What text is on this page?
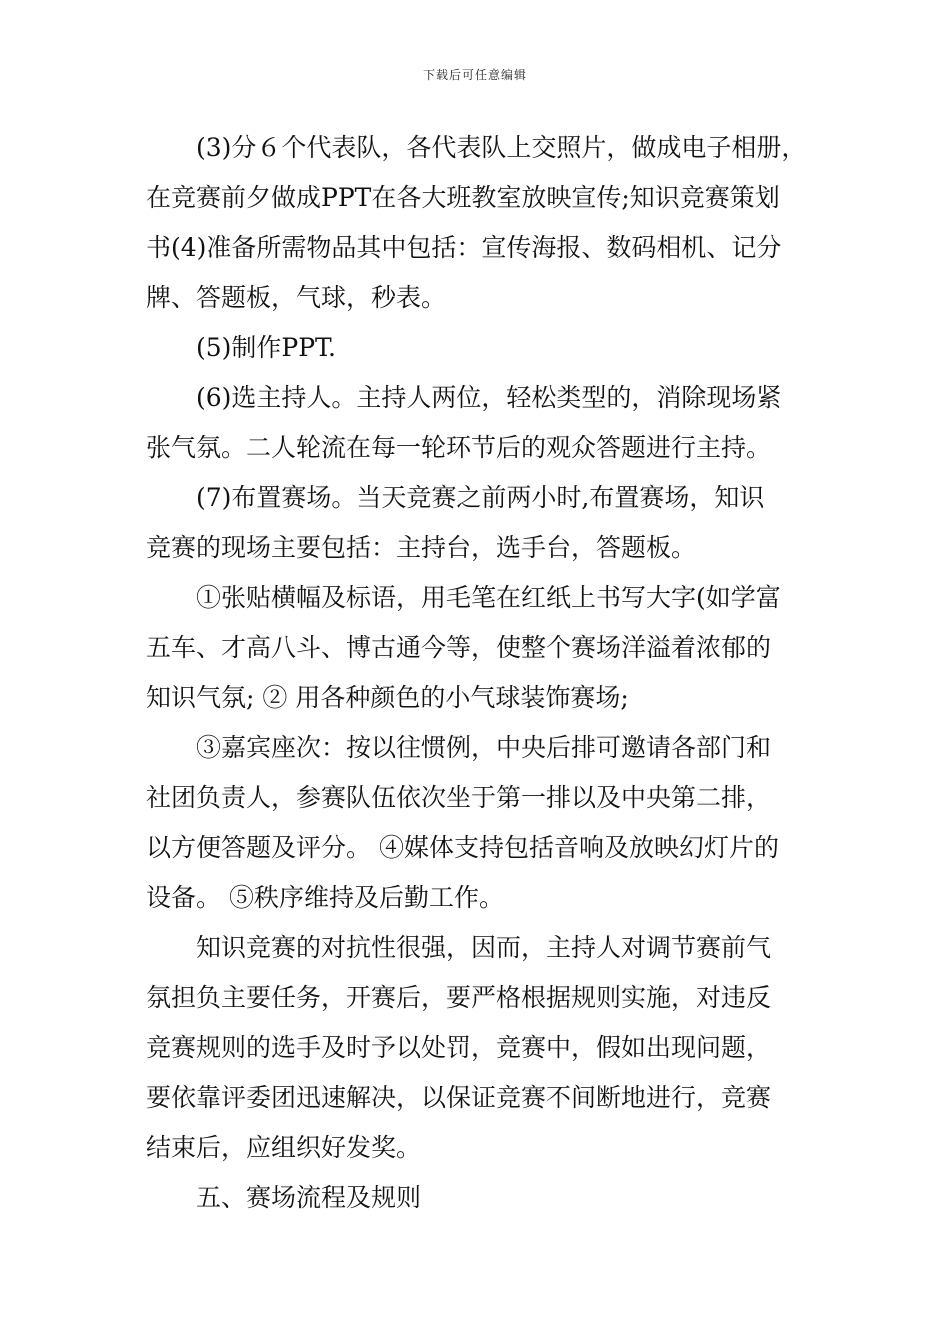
下载后可任意编辑
(3)分６个代表队，各代表队上交照片，做成电子相册，
在竞赛前夕做成PPT在各大班教室放映宣传;知识竞赛策划
书(4)准备所需物品其中包括：宣传海报、数码相机、记分
牌、答题板，气球，秒表。
(5)制作PPT.
(6)选主持人。主持人两位，轻松类型的，消除现场紧
张气氛。二人轮流在每一轮环节后的观众答题进行主持。
(7)布置赛场。当天竞赛之前两小时,布置赛场，知识
竞赛的现场主要包括：主持台，选手台，答题板。
①张贴横幅及标语，用毛笔在红纸上书写大字(如学富
五车、才高八斗、博古通今等，使整个赛场洋溢着浓郁的
知识气氛; ② 用各种颜色的小气球装饰赛场;
③嘉宾座次：按以往惯例，中央后排可邀请各部门和
社团负责人，参赛队伍依次坐于第一排以及中央第二排，
以方便答题及评分。 ④媒体支持包括音响及放映幻灯片的
设备。 ⑤秩序维持及后勤工作。
知识竞赛的对抗性很强，因而，主持人对调节赛前气
氛担负主要任务，开赛后，要严格根据规则实施，对违反
竞赛规则的选手及时予以处罚，竞赛中，假如出现问题，
要依靠评委团迅速解决，以保证竞赛不间断地进行，竞赛
结束后，应组织好发奖。
五、赛场流程及规则
